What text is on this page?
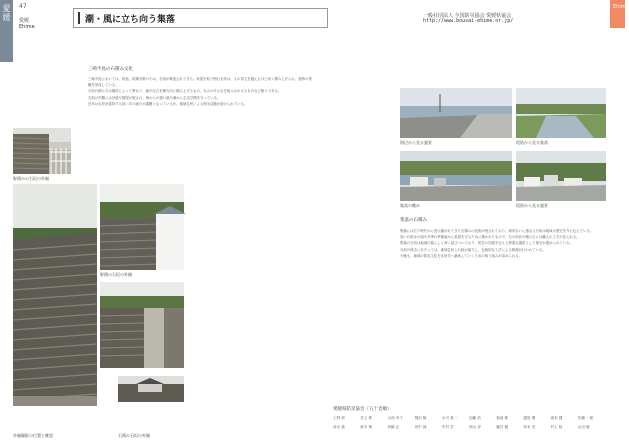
愛媛
47
愛媛
Ehime
潮・風に立ち向う集落	一般社団法人 全国防災協会 愛媛県協会
http://www.bousai-ehime.or.jp/
Ehime
野積みの石垣の外観
三崎半島の石積み文化

三崎半島においては、防風、防潮対策のため、石垣が築造されてきた。家屋を取り囲む石垣は、人の背丈を越えるほど高く積み上げられ、独特の景観を形成している。

石垣の積み方は場所によって異なり、扁平な石を横方向に積み上げるもの、丸みのある石を組み合わせるものなど様々である。

石垣の内側には母屋や納屋が配され、海からの強い風や潮から生活空間を守っている。

近年は石垣を維持する担い手の減少が課題となっているが、地域住民による保全活動が続けられている。

野積の石垣の外観
外観撮影の位置と眺望	石積み石垣の外観
海辺から見る風景	堤防から見る集落
集落の眺め	堤防から見る風景
集落の石積み

集落には江戸時代から受け継がれてきた石積みの技術が残されており、海岸沿いに連なる石垣は地域の歴史を今に伝えている。

高い石垣は台風や冬季の季節風から家屋を守るために築かれたもので、石の形状や積み方には職人の工夫が見られる。

集落の石垣は地域の暮らしと深く結びついており、防災の知恵を伝える貴重な遺産として保全が進められている。

石垣の保全にあたっては、地域住民と行政が協力し、伝統的な工法による修復が行われている。

今後も、地域の防災文化を次世代へ継承していくための取り組みが求められる。

愛媛県防災協会（五十音順）
上野 彰	井上 伸	大西 幸子	岡田 隆	小川 真一	加藤 浩	菊池 修	越智 優	坂本 健	佐藤 一郎
清水 進	鈴木 理	高橋 正	田中 誠	中村 学	西山 淳	藤井 徹	松本 亮	村上 稔	山田 聡
